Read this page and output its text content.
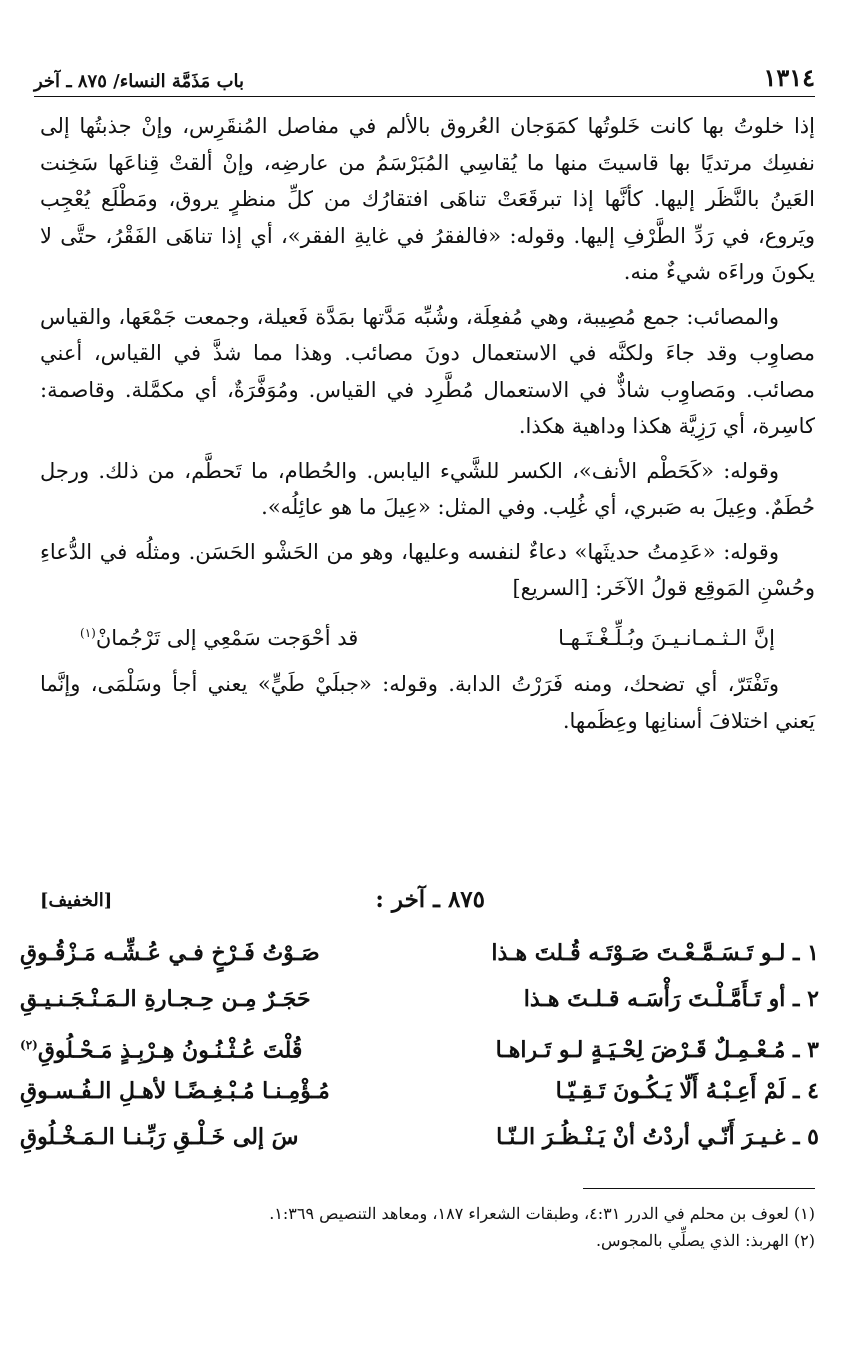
١٣١٤
باب مَذَمَّة النساء/ ٨٧٥ ـ آخر

إذا خلوتُ بها كانت خَلوتُها كمَوَجان العُروق بالألم في مفاصل المُنقَرِس، وإنْ جذبتُها إلى نفسِك مرتديًا بها قاسيتَ منها ما يُقاسِي المُبَرْسَمُ من عارضِه، وإنْ ألقتْ قِناعَها سَخِنت العَينُ بالنَّظَر إليها. كأنَّها إذا تبرقَعَتْ تناهَى افتقارُك من كلِّ منظرٍ يروق، ومَطْلَع يُعْجِب ويَروع، في رَدِّ الطَّرْفِ إليها. وقوله: «فالفقرُ في غايةِ الفقر»، أي إذا تناهَى الفَقْرُ، حتَّى لا يكونَ وراءَه شيءٌ منه.

والمصائب: جمع مُصِيبة، وهي مُفعِلَة، وشُبِّه مَدَّتها بمَدَّة فَعيلة، وجمعت جَمْعَها، والقياس مصاوِب وقد جاءَ ولكنَّه في الاستعمال دونَ مصائب. وهذا مما شذَّ في القياس، أعني مصائب. ومَصاوِب شاذٌّ في الاستعمال مُطَّرِد في القياس. ومُوَفَّرَةٌ، أي مكمَّلة. وقاصمة: كاسِرة، أي رَزِيَّة هكذا وداهية هكذا.

وقوله: «كَحَطْم الأنف»، الكسر للشَّيء اليابس. والحُطام، ما تَحطَّم، من ذلك. ورجل حُطَمٌ. وعِيلَ به صَبري، أي غُلِب. وفي المثل: «عِيلَ ما هو عائِلُه».

وقوله: «عَدِمتُ حديثَها» دعاءٌ لنفسه وعليها، وهو من الحَشْو الحَسَن. ومثلُه في الدُّعاءِ وحُسْنِ المَوقِع قولُ الآخَر: [السريع]

إنَّ الـثـمـانـيـنَ وبُـلِّـغْـتَـهـا
قد أحْوَجت سَمْعِي إلى تَرْجُمانْ$^{(١)}$

وتَفْتَرّ، أي تضحك، ومنه فَرَرْتُ الدابة. وقوله: «جبلَيْ طَيٍّ» يعني أجأ وسَلْمَى، وإنَّما يَعني اختلافَ أسنانِها وعِظَمها.

٨٧٥ ـ آخر :
[الخفيف]
١ ـ لـو تَـسَـمَّـعْـتَ صَـوْتَـه قُـلتَ هـذا
صَـوْتُ فَـرْخٍ فـي عُـشِّـه مَـزْقُـوقِ
٢ ـ أو تَـأَمَّـلْـتَ رَأْسَـه قـلـتَ هـذا
حَجَـرٌ مِـن حِـجـارةِ الـمَـنْـجَـنـيـقِ
٣ ـ مُـعْـمِـلٌ قَـرْضَ لِحْـيَـةٍ لـو تَـراهـا
قُلْتَ عُـثْـنُـونُ هِـرْبِـذٍ مَـحْـلُوقِ$^{(٢)}$
٤ ـ لَمْ أَعِـبْـهُ أَلّا يَـكُـونَ تَـقِـيّـا
مُـؤْمِـنـا مُـبْـغِـضًـا لأهـلِ الـفُـسـوقِ
٥ ـ غـيـرَ أَنّـي أردْتُ أنْ يَـنْـظُـرَ الـنّـا
سَ إلى خَـلْـقِ رَبِّـنـا الـمَـخْـلُوقِ

(١) لعوف بن محلم في الدرر ٤:٣١، وطبقات الشعراء ١٨٧، ومعاهد التنصيص ١:٣٦٩.

(٢) الهربذ: الذي يصلِّي بالمجوس.
